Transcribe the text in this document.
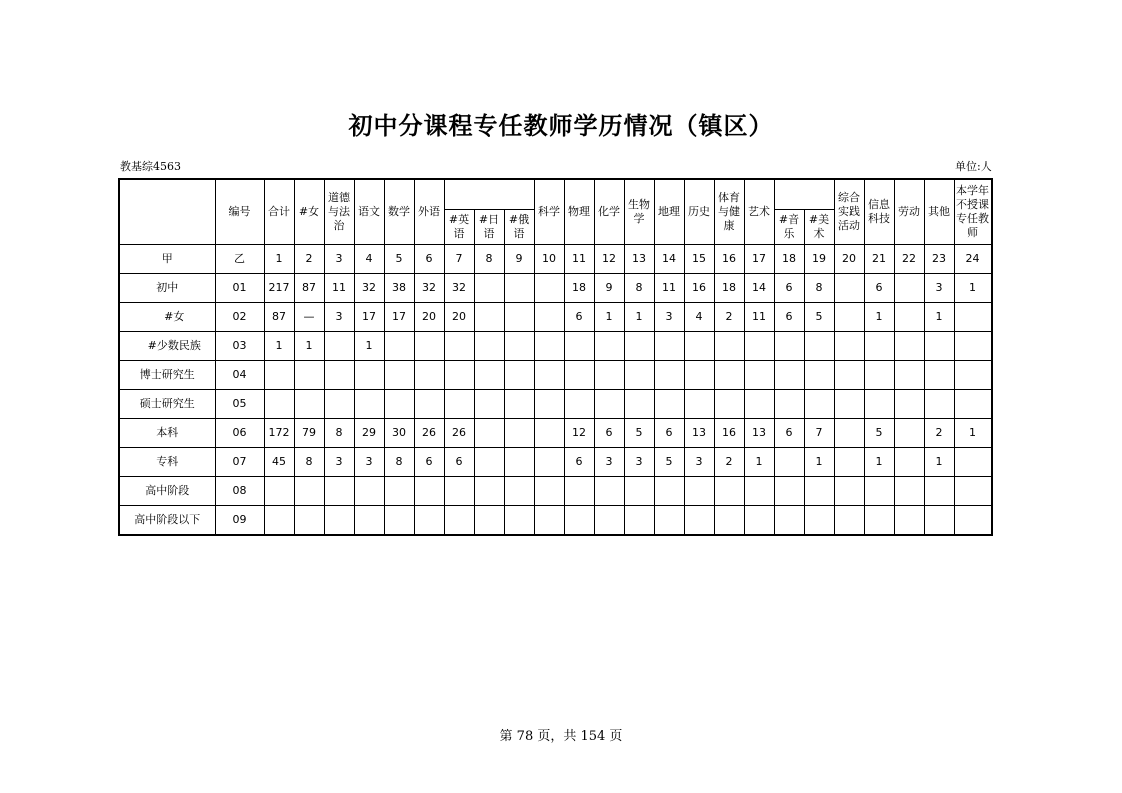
初中分课程专任教师学历情况（镇区）
教基综4563	单位:人
	编号	合计	#女	道德与法治	语文	数学	外语				科学	物理	化学	生物学	地理	历史	体育与健康	艺术			综合实践活动	信息科技	劳动	其他	本学年不授课专任教师
								#英语	#日语	#俄语									#音乐	#美术					
甲	乙	1	2	3	4	5	6	7	8	9	10	11	12	13	14	15	16	17	18	19	20	21	22	23	24
初中	01	217	87	11	32	38	32	32				18	9	8	11	16	18	14	6	8		6		3	1
#女	02	87	—	3	17	17	20	20				6	1	1	3	4	2	11	6	5		1		1	
#少数民族	03	1	1		1																				
博士研究生	04																								
硕士研究生	05																								
本科	06	172	79	8	29	30	26	26				12	6	5	6	13	16	13	6	7		5		2	1
专科	07	45	8	3	3	8	6	6				6	3	3	5	3	2	1		1		1		1	
高中阶段	08																								
高中阶段以下	09																								
第 78 页，共 154 页
